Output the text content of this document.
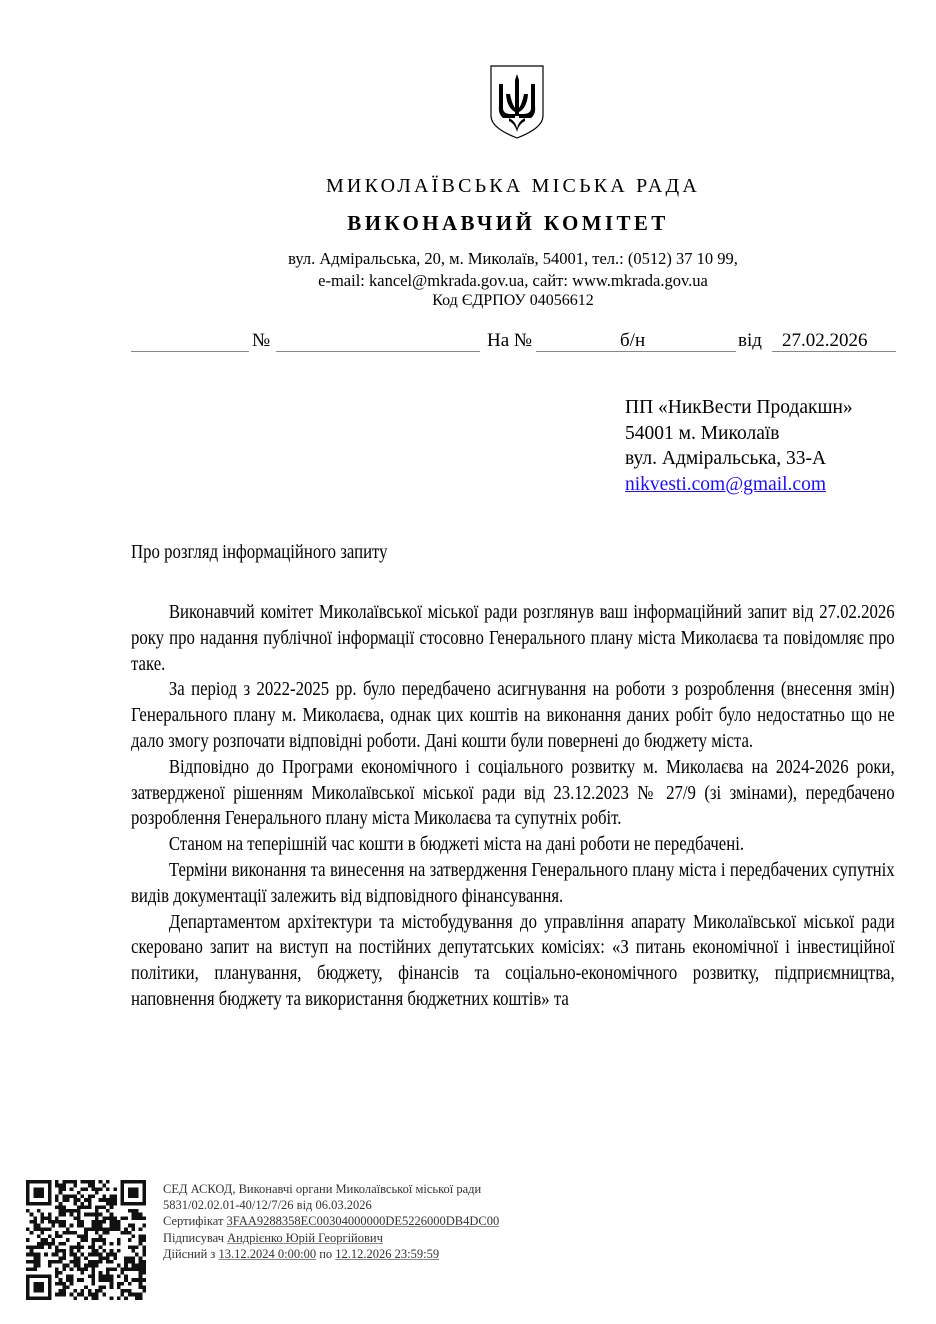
МИКОЛАЇВСЬКА МІСЬКА РАДА
ВИКОНАВЧИЙ КОМІТЕТ
вул. Адміральська, 20, м. Миколаїв, 54001, тел.: (0512) 37 10 99,
e-mail: kancel@mkrada.gov.ua, сайт: www.mkrada.gov.ua
Код ЄДРПОУ 04056612
№	На №	б/н	від 27.02.2026
ПП «НикВести Продакшн»
54001 м. Миколаїв
вул. Адміральська, 33-А
nikvesti.com@gmail.com
Про розгляд інформаційного запиту

Виконавчий комітет Миколаївської міської ради розглянув ваш інформаційний запит від 27.02.2026 року про надання публічної інформації стосовно Генерального плану міста Миколаєва та повідомляє про таке.

За період з 2022-2025 рр. було передбачено асигнування на роботи з розроблення (внесення змін) Генерального плану м. Миколаєва, однак цих коштів на виконання даних робіт було недостатньо що не дало змогу розпочати відповідні роботи. Дані кошти були повернені до бюджету міста.

Відповідно до Програми економічного і соціального розвитку м. Миколаєва на 2024-2026 роки, затвердженої рішенням Миколаївської міської ради від 23.12.2023 № 27/9 (зі змінами), передбачено розроблення Генерального плану міста Миколаєва та супутніх робіт.

Станом на теперішній час кошти в бюджеті міста на дані роботи не передбачені.

Терміни виконання та винесення на затвердження Генерального плану міста і передбачених супутніх видів документації залежить від відповідного фінансування.

Департаментом архітектури та містобудування до управління апарату Миколаївської міської ради скеровано запит на виступ на постійних депутатських комісіях: «З питань економічної і інвестиційної політики, планування, бюджету, фінансів та соціально-економічного розвитку, підприємництва, наповнення бюджету та використання бюджетних коштів» та

СЕД АСКОД, Виконавчі органи Миколаївської міської ради
5831/02.02.01-40/12/7/26 від 06.03.2026
Сертифікат 3FAA9288358EC00304000000DE5226000DB4DC00
Підписувач Андрієнко Юрій Георгійович
Дійсний з 13.12.2024 0:00:00 по 12.12.2026 23:59:59
